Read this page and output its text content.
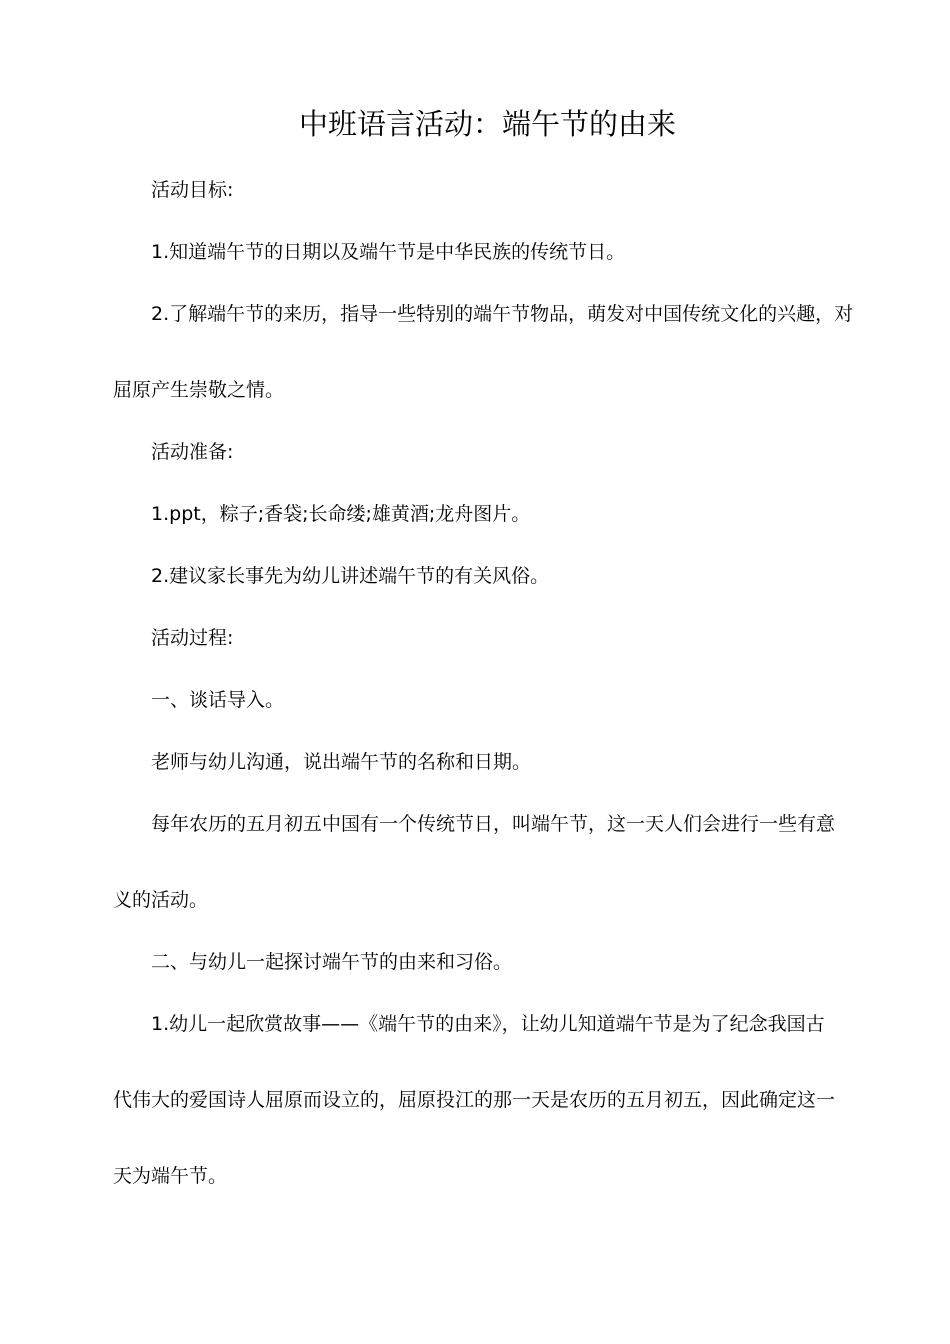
中班语言活动：端午节的由来
活动目标:
1.知道端午节的日期以及端午节是中华民族的传统节日。
2.了解端午节的来历，指导一些特别的端午节物品，萌发对中国传统文化的兴趣，对
屈原产生崇敬之情。
活动准备:
1.ppt，粽子;香袋;长命缕;雄黄酒;龙舟图片。
2.建议家长事先为幼儿讲述端午节的有关风俗。
活动过程:
一、谈话导入。
老师与幼儿沟通，说出端午节的名称和日期。
每年农历的五月初五中国有一个传统节日，叫端午节，这一天人们会进行一些有意
义的活动。
二、与幼儿一起探讨端午节的由来和习俗。
1.幼儿一起欣赏故事——《端午节的由来》，让幼儿知道端午节是为了纪念我国古
代伟大的爱国诗人屈原而设立的，屈原投江的那一天是农历的五月初五，因此确定这一
天为端午节。
